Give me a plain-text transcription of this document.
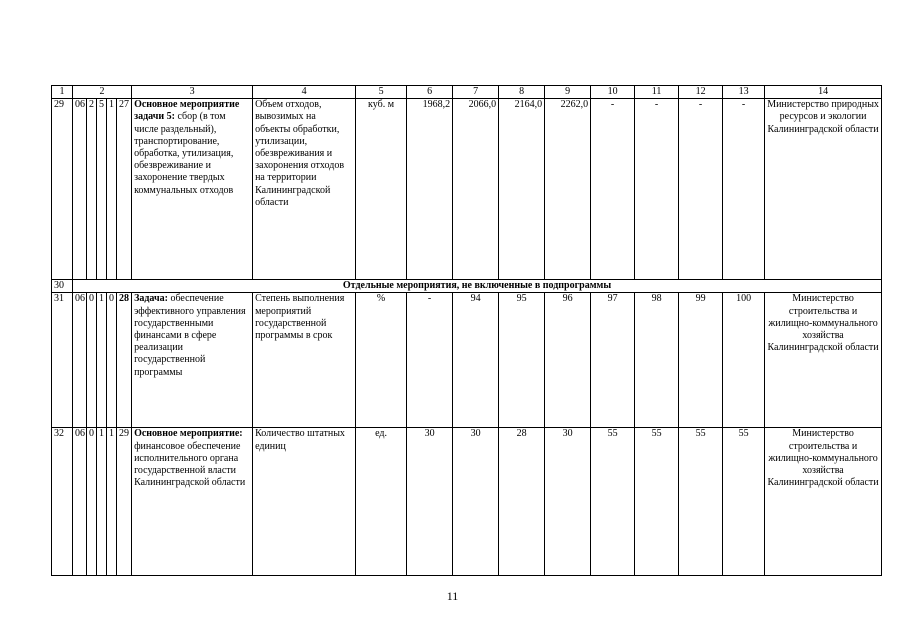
1	2					3	4	5	6	7	8	9	10	11	12	13	14
29	06	2	5	1	27	Основное мероприятие задачи 5: сбор (в том числе раздельный), транспортирование, обработка, утилизация, обезвреживание и захоронение твердых коммунальных отходов	Объем отходов, вывозимых на объекты обработки, утилизации, обезвреживания и захоронения отходов на территории Калининградской области	куб. м	1968,2	2066,0	2164,0	2262,0	-	-	-	-	Министерство природных ресурсов и экологии Калининградской области
30	Отдельные мероприятия, не включенные в подпрограммы																
31	06	0	1	0	28	Задача: обеспечение эффективного управления государственными финансами в сфере реализации государственной программы	Степень выполнения мероприятий государственной программы в срок	%	-	94	95	96	97	98	99	100	Министерство строительства и жилищно-коммунального хозяйства Калининградской области
32	06	0	1	1	29	Основное мероприятие: финансовое обеспечение исполнительного органа государственной власти Калининградской области	Количество штатных единиц	ед.	30	30	28	30	55	55	55	55	Министерство строительства и жилищно-коммунального хозяйства Калининградской области
11
